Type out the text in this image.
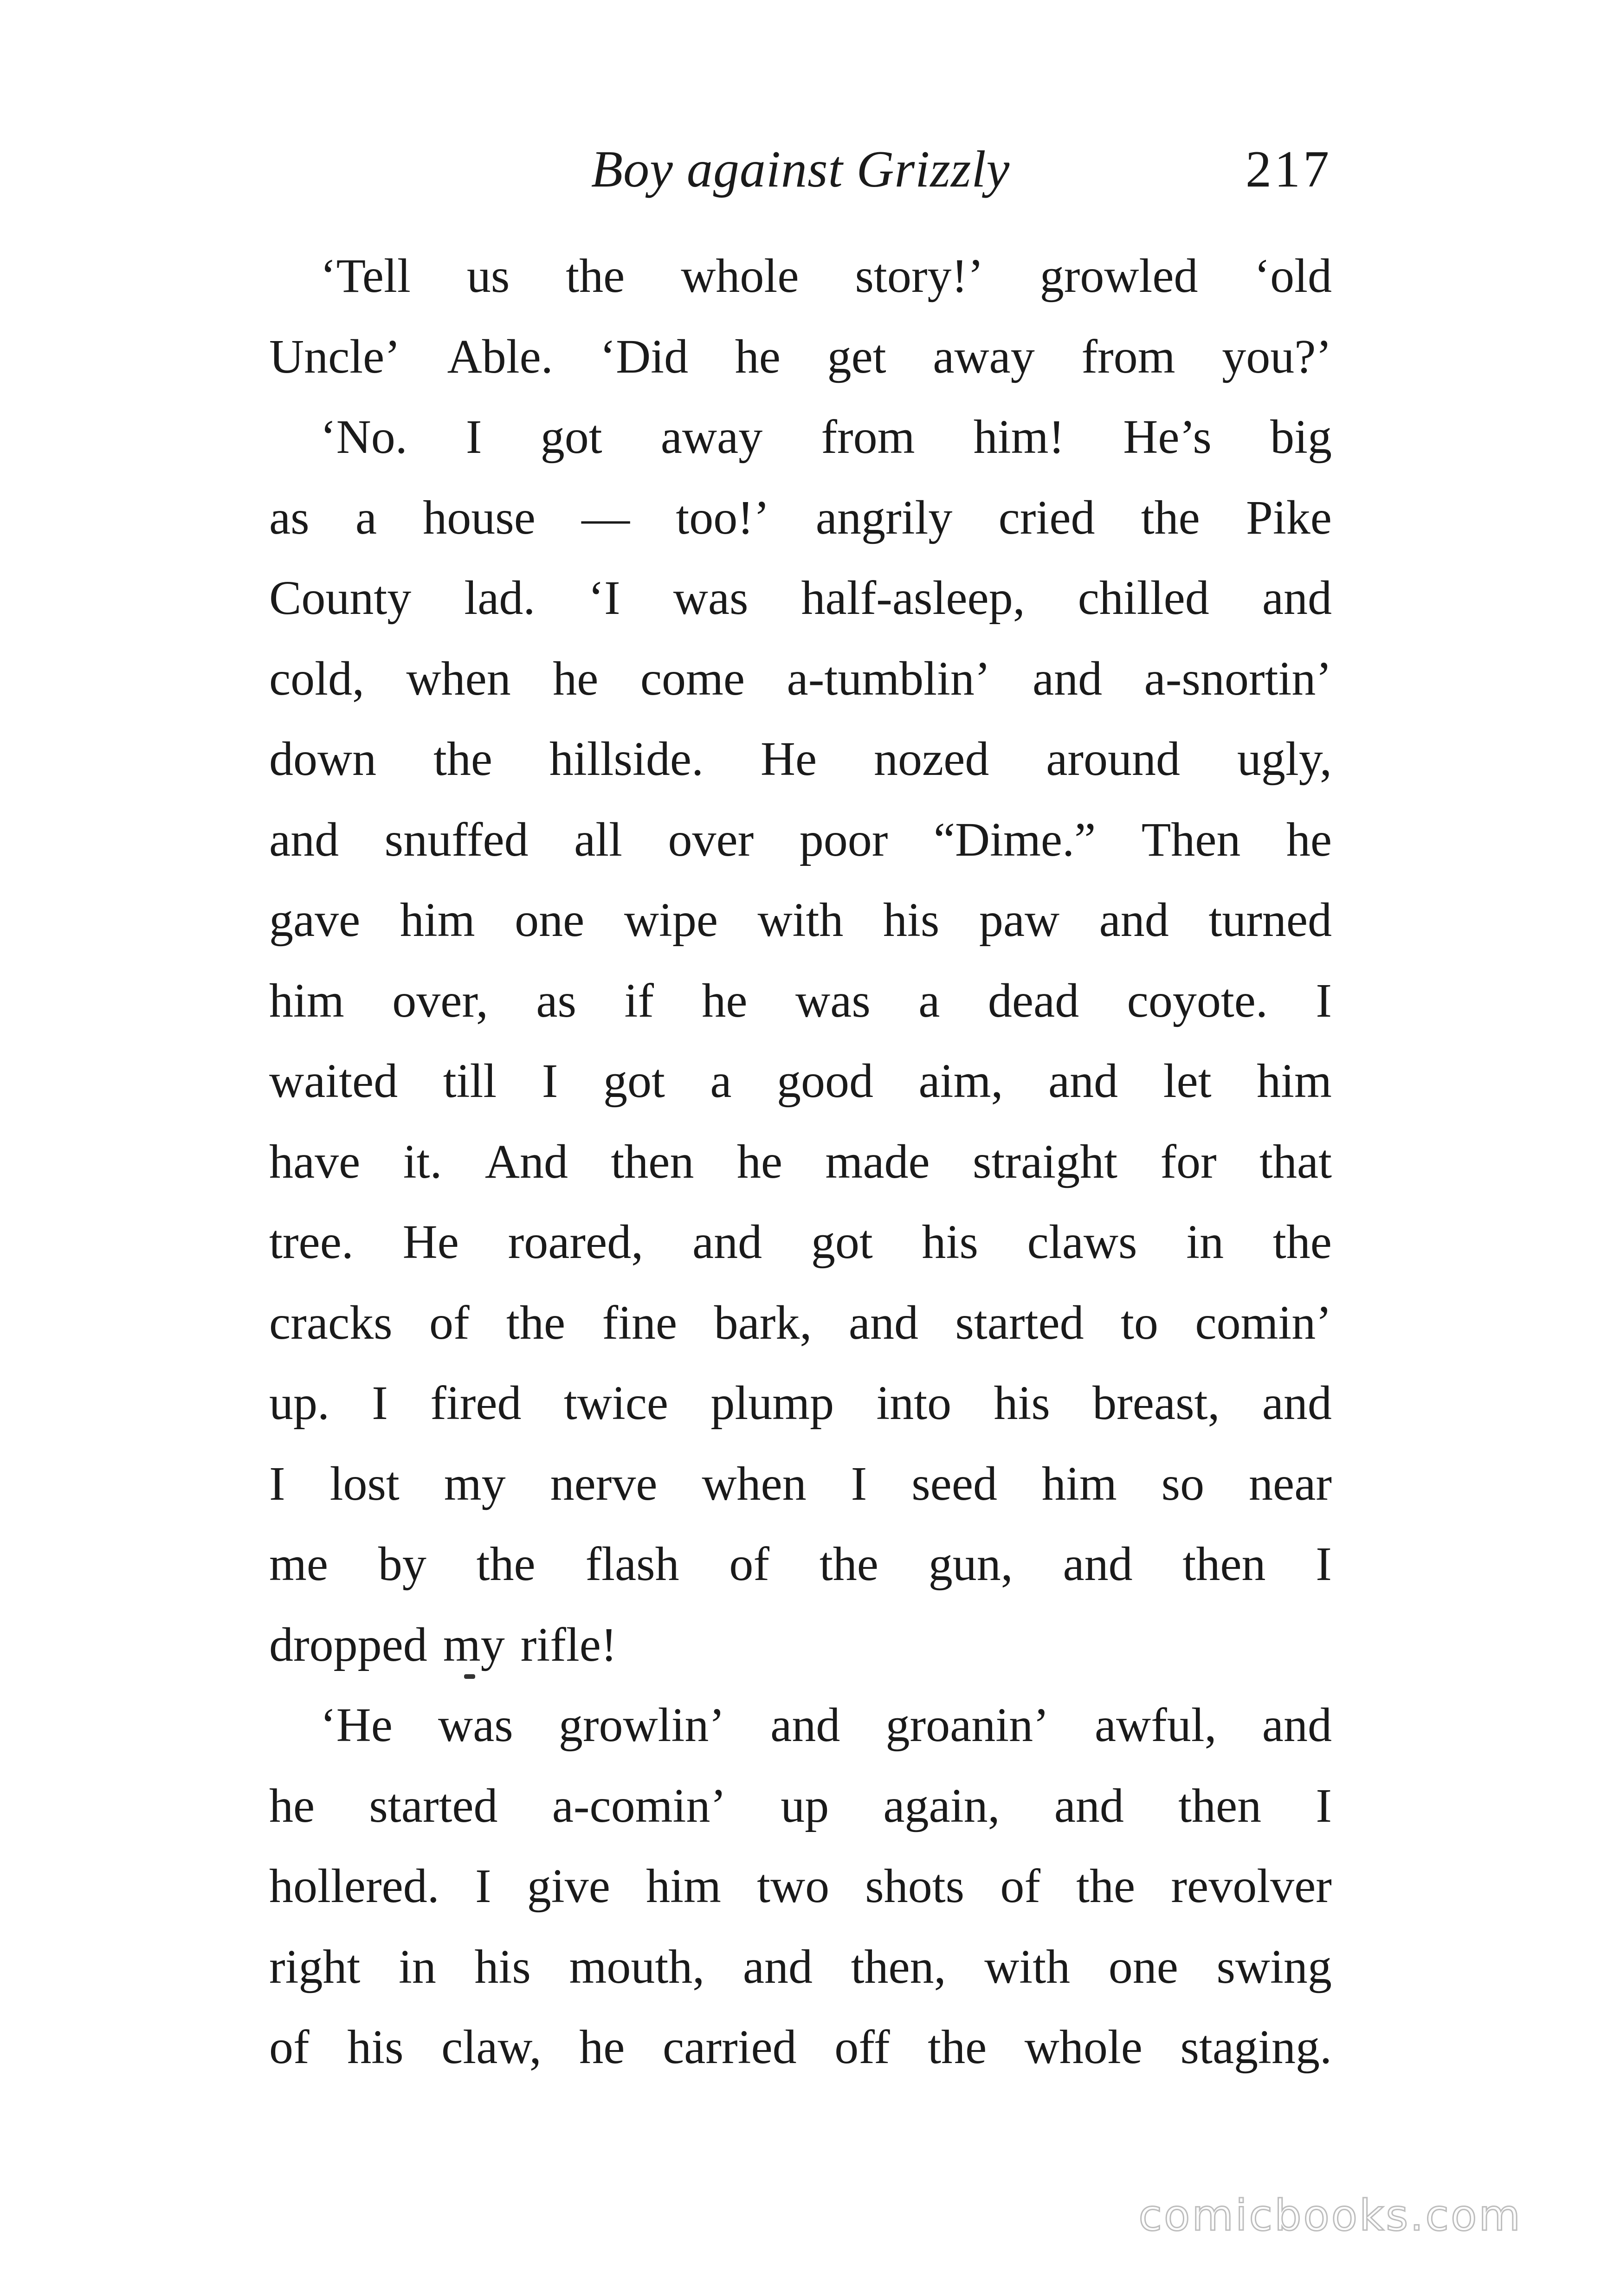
Boy against Grizzly	217
‘Tell us the whole story!’ growled ‘old
Uncle’ Able. ‘Did he get away from you?’
‘No. I got away from him! He’s big
as a house — too!’ angrily cried the Pike
County lad. ‘I was half-asleep, chilled and
cold, when he come a-tumblin’ and a-snortin’
down the hillside. He nozed around ugly,
and snuffed all over poor “Dime.” Then he
gave him one wipe with his paw and turned
him over, as if he was a dead coyote. I
waited till I got a good aim, and let him
have it. And then he made straight for that
tree. He roared, and got his claws in the
cracks of the fine bark, and started to comin’
up. I fired twice plump into his breast, and
I lost my nerve when I seed him so near
me by the flash of the gun, and then I
dropped my rifle!
‘He was growlin’ and groanin’ awful, and
he started a-comin’ up again, and then I
hollered. I give him two shots of the revolver
right in his mouth, and then, with one swing
of his claw, he carried off the whole staging.
comicbooks.com
